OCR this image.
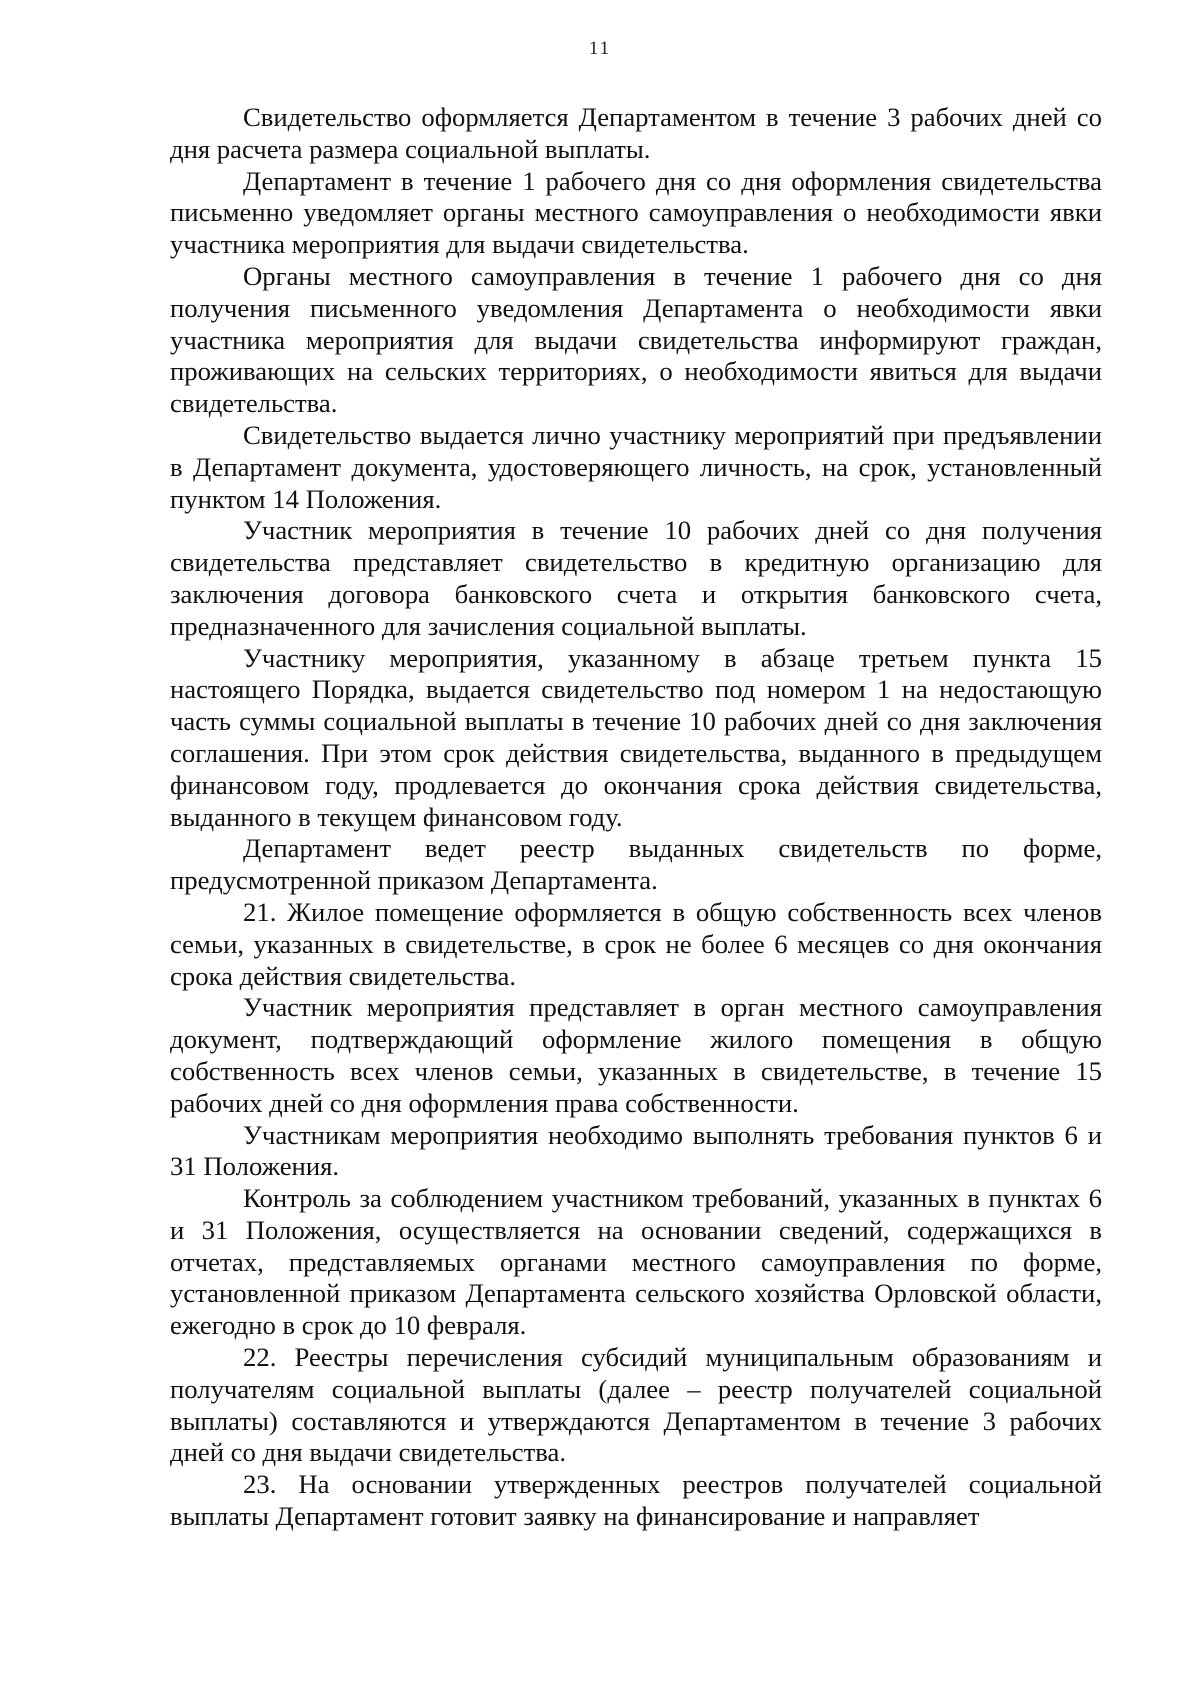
11

Свидетельство оформляется Департаментом в течение 3 рабочих дней со дня расчета размера социальной выплаты.

Департамент в течение 1 рабочего дня со дня оформления свидетельства письменно уведомляет органы местного самоуправления о необходимости явки участника мероприятия для выдачи свидетельства.

Органы местного самоуправления в течение 1 рабочего дня со дня получения письменного уведомления Департамента о необходимости явки участника мероприятия для выдачи свидетельства информируют граждан, проживающих на сельских территориях, о необходимости явиться для выдачи свидетельства.

Свидетельство выдается лично участнику мероприятий при предъявлении в Департамент документа, удостоверяющего личность, на срок, установленный пунктом 14 Положения.

Участник мероприятия в течение 10 рабочих дней со дня получения свидетельства представляет свидетельство в кредитную организацию для заключения договора банковского счета и открытия банковского счета, предназначенного для зачисления социальной выплаты.

Участнику мероприятия, указанному в абзаце третьем пункта 15 настоящего Порядка, выдается свидетельство под номером 1 на недостающую часть суммы социальной выплаты в течение 10 рабочих дней со дня заключения соглашения. При этом срок действия свидетельства, выданного в предыдущем финансовом году, продлевается до окончания срока действия свидетельства, выданного в текущем финансовом году.

Департамент ведет реестр выданных свидетельств по форме, предусмотренной приказом Департамента.

21. Жилое помещение оформляется в общую собственность всех членов семьи, указанных в свидетельстве, в срок не более 6 месяцев со дня окончания срока действия свидетельства.

Участник мероприятия представляет в орган местного самоуправления документ, подтверждающий оформление жилого помещения в общую собственность всех членов семьи, указанных в свидетельстве, в течение 15 рабочих дней со дня оформления права собственности.

Участникам мероприятия необходимо выполнять требования пунктов 6 и 31 Положения.

Контроль за соблюдением участником требований, указанных в пунктах 6 и 31 Положения, осуществляется на основании сведений, содержащихся в отчетах, представляемых органами местного самоуправления по форме, установленной приказом Департамента сельского хозяйства Орловской области, ежегодно в срок до 10 февраля.

22. Реестры перечисления субсидий муниципальным образованиям и получателям социальной выплаты (далее – реестр получателей социальной выплаты) составляются и утверждаются Департаментом в течение 3 рабочих дней со дня выдачи свидетельства.

23. На основании утвержденных реестров получателей социальной выплаты Департамент готовит заявку на финансирование и направляет
